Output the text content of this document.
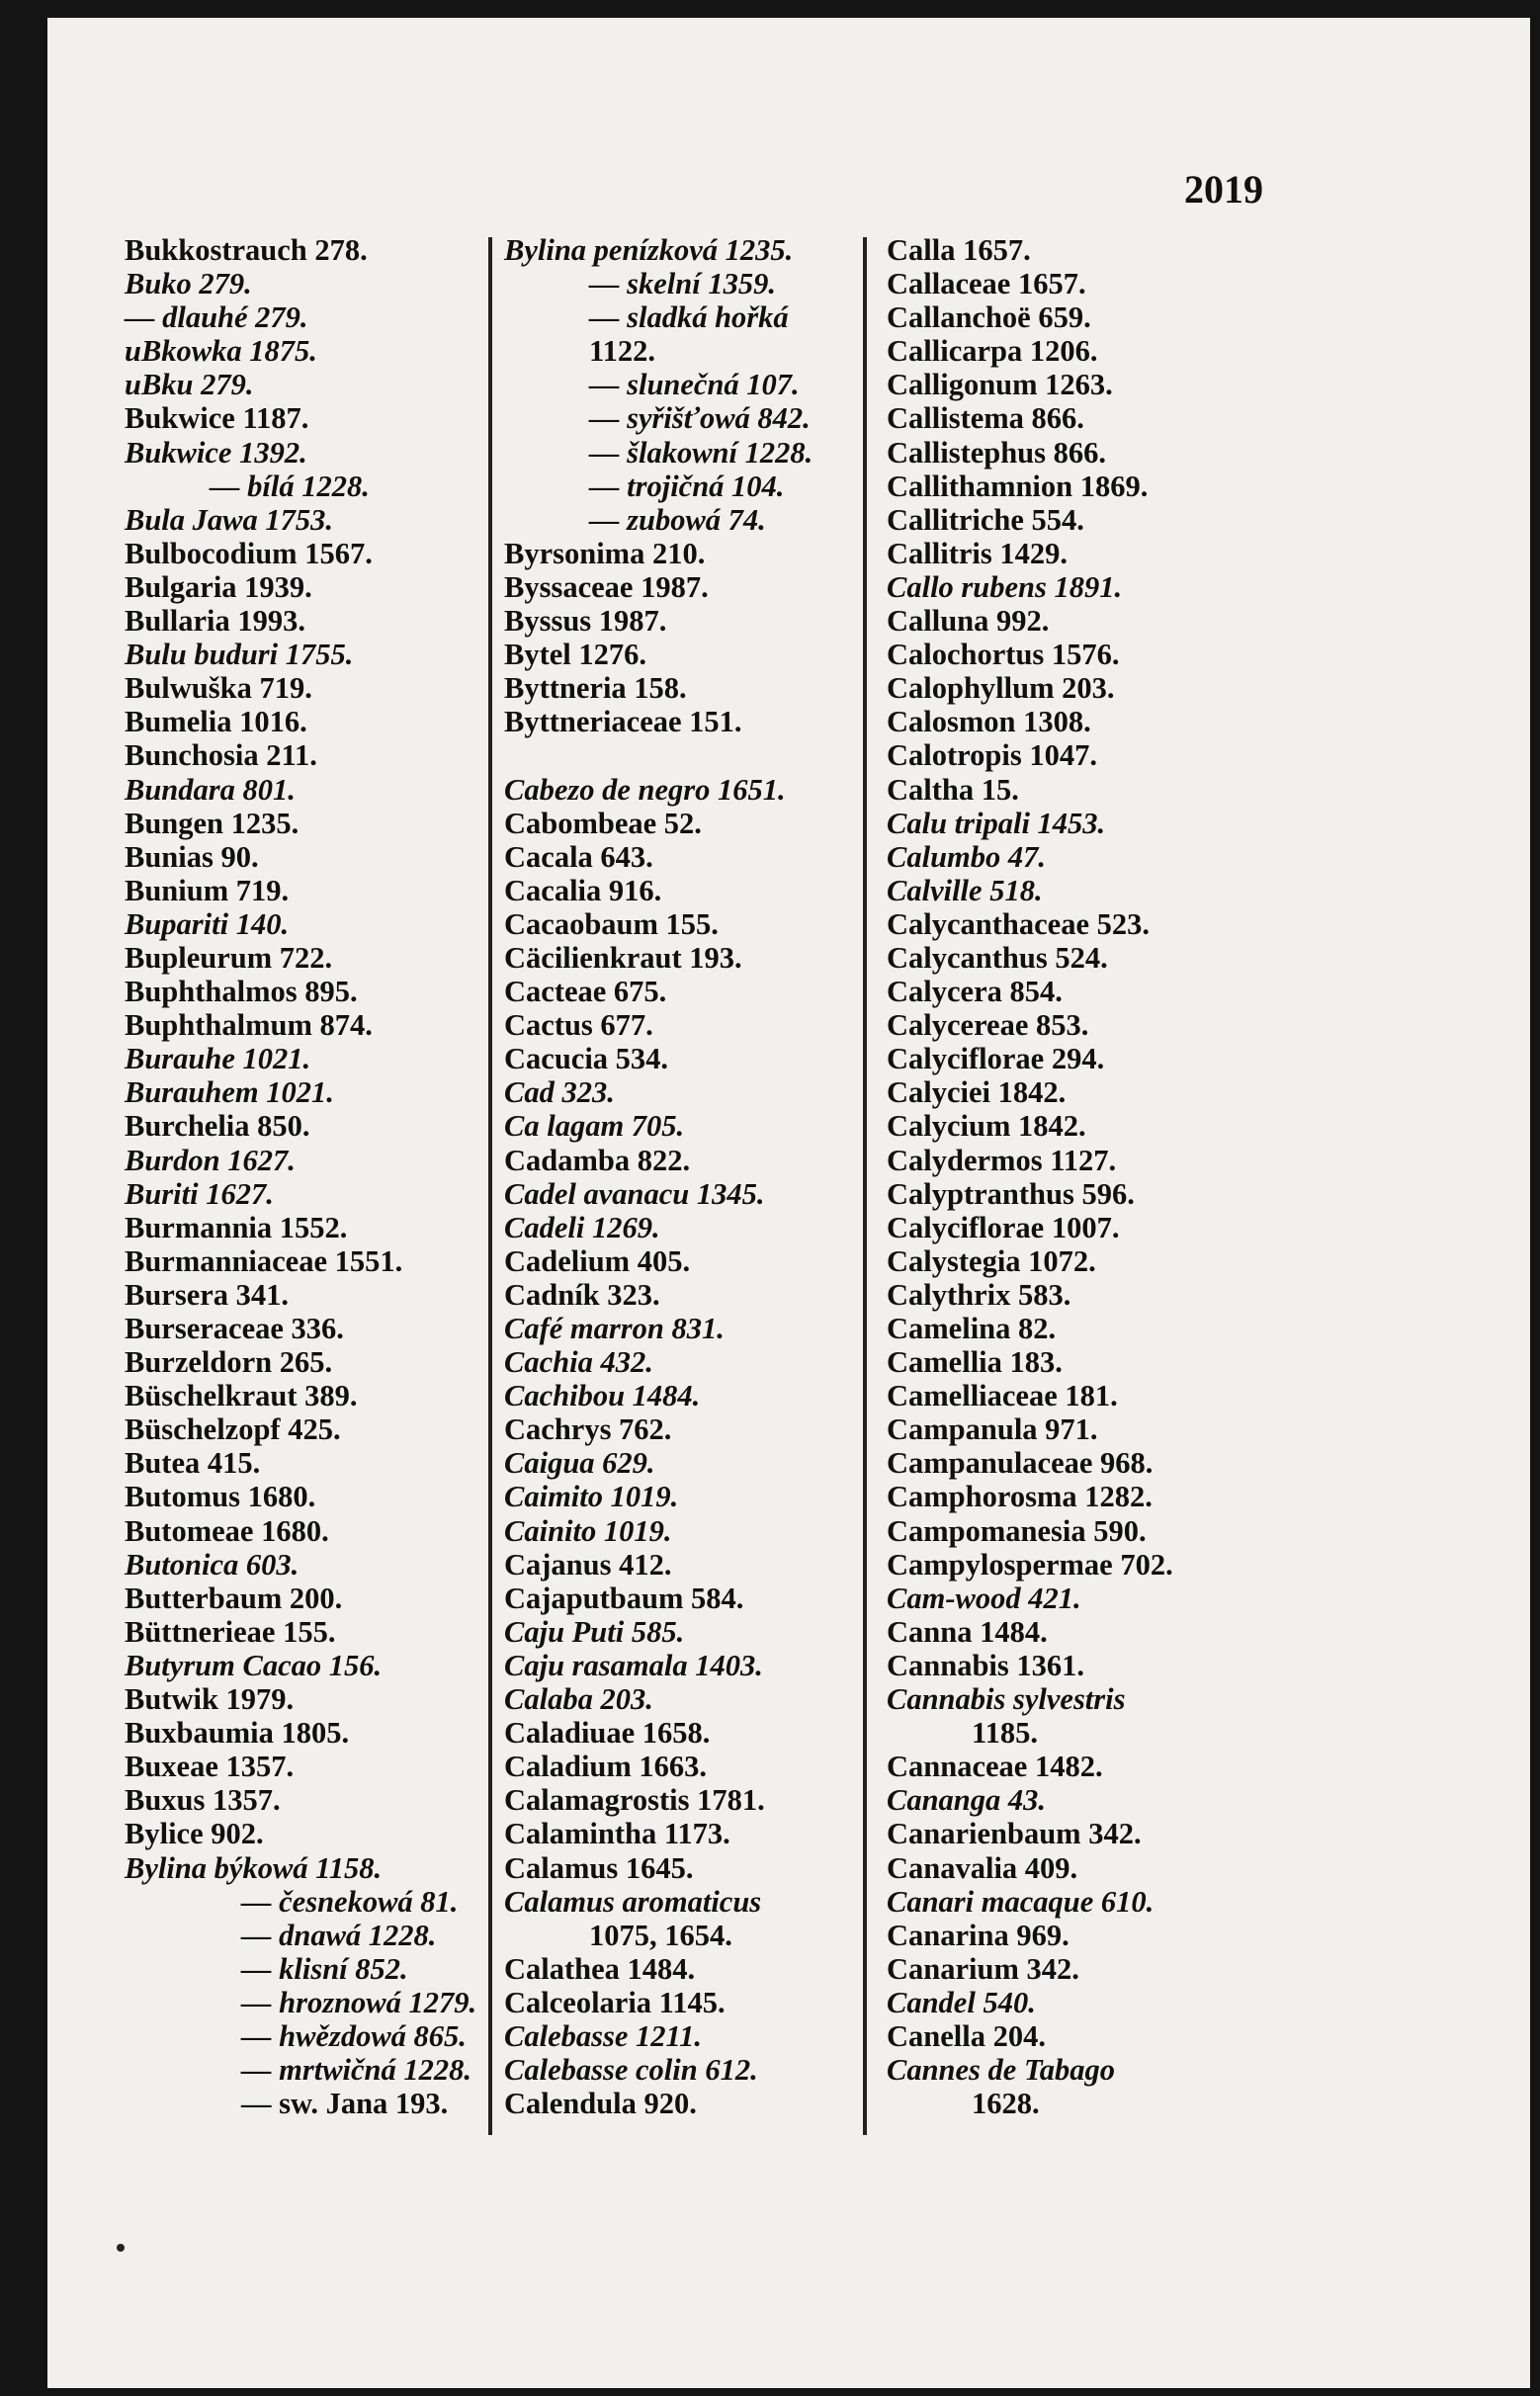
2019
Bukkostrauch 278.
Buko 279.
— dlauhé 279.
uBkowka 1875.
uBku 279.
Bukwice 1187.
Bukwice 1392.
— bílá 1228.
Bula Jawa 1753.
Bulbocodium 1567.
Bulgaria 1939.
Bullaria 1993.
Bulu buduri 1755.
Bulwuška 719.
Bumelia 1016.
Bunchosia 211.
Bundara 801.
Bungen 1235.
Bunias 90.
Bunium 719.
Bupariti 140.
Bupleurum 722.
Buphthalmos 895.
Buphthalmum 874.
Burauhe 1021.
Burauhem 1021.
Burchelia 850.
Burdon 1627.
Buriti 1627.
Burmannia 1552.
Burmanniaceae 1551.
Bursera 341.
Burseraceae 336.
Burzeldorn 265.
Büschelkraut 389.
Büschelzopf 425.
Butea 415.
Butomus 1680.
Butomeae 1680.
Butonica 603.
Butterbaum 200.
Büttnerieae 155.
Butyrum Cacao 156.
Butwik 1979.
Buxbaumia 1805.
Buxeae 1357.
Buxus 1357.
Bylice 902.
Bylina býkowá 1158.
— česnekowá 81.
— dnawá 1228.
— klisní 852.
— hroznowá 1279.
— hwězdowá 865.
— mrtwičná 1228.
— sw. Jana 193.
Bylina penízková 1235.
— skelní 1359.
— sladká hořká
1122.
— slunečná 107.
— syřišťowá 842.
— šlakowní 1228.
— trojičná 104.
— zubowá 74.
Byrsonima 210.
Byssaceae 1987.
Byssus 1987.
Bytel 1276.
Byttneria 158.
Byttneriaceae 151.
Cabezo de negro 1651.
Cabombeae 52.
Cacala 643.
Cacalia 916.
Cacaobaum 155.
Cäcilienkraut 193.
Cacteae 675.
Cactus 677.
Cacucia 534.
Cad 323.
Ca lagam 705.
Cadamba 822.
Cadel avanacu 1345.
Cadeli 1269.
Cadelium 405.
Cadník 323.
Café marron 831.
Cachia 432.
Cachibou 1484.
Cachrys 762.
Caigua 629.
Caimito 1019.
Cainito 1019.
Cajanus 412.
Cajaputbaum 584.
Caju Puti 585.
Caju rasamala 1403.
Calaba 203.
Caladiuae 1658.
Caladium 1663.
Calamagrostis 1781.
Calamintha 1173.
Calamus 1645.
Calamus aromaticus
1075, 1654.
Calathea 1484.
Calceolaria 1145.
Calebasse 1211.
Calebasse colin 612.
Calendula 920.
Calla 1657.
Callaceae 1657.
Callanchoë 659.
Callicarpa 1206.
Calligonum 1263.
Callistema 866.
Callistephus 866.
Callithamnion 1869.
Callitriche 554.
Callitris 1429.
Callo rubens 1891.
Calluna 992.
Calochortus 1576.
Calophyllum 203.
Calosmon 1308.
Calotropis 1047.
Caltha 15.
Calu tripali 1453.
Calumbo 47.
Calville 518.
Calycanthaceae 523.
Calycanthus 524.
Calycera 854.
Calycereae 853.
Calyciflorae 294.
Calyciei 1842.
Calycium 1842.
Calydermos 1127.
Calyptranthus 596.
Calyciflorae 1007.
Calystegia 1072.
Calythrix 583.
Camelina 82.
Camellia 183.
Camelliaceae 181.
Campanula 971.
Campanulaceae 968.
Camphorosma 1282.
Campomanesia 590.
Campylospermae 702.
Cam-wood 421.
Canna 1484.
Cannabis 1361.
Cannabis sylvestris
1185.
Cannaceae 1482.
Cananga 43.
Canarienbaum 342.
Canavalia 409.
Canari macaque 610.
Canarina 969.
Canarium 342.
Candel 540.
Canella 204.
Cannes de Tabago
1628.
